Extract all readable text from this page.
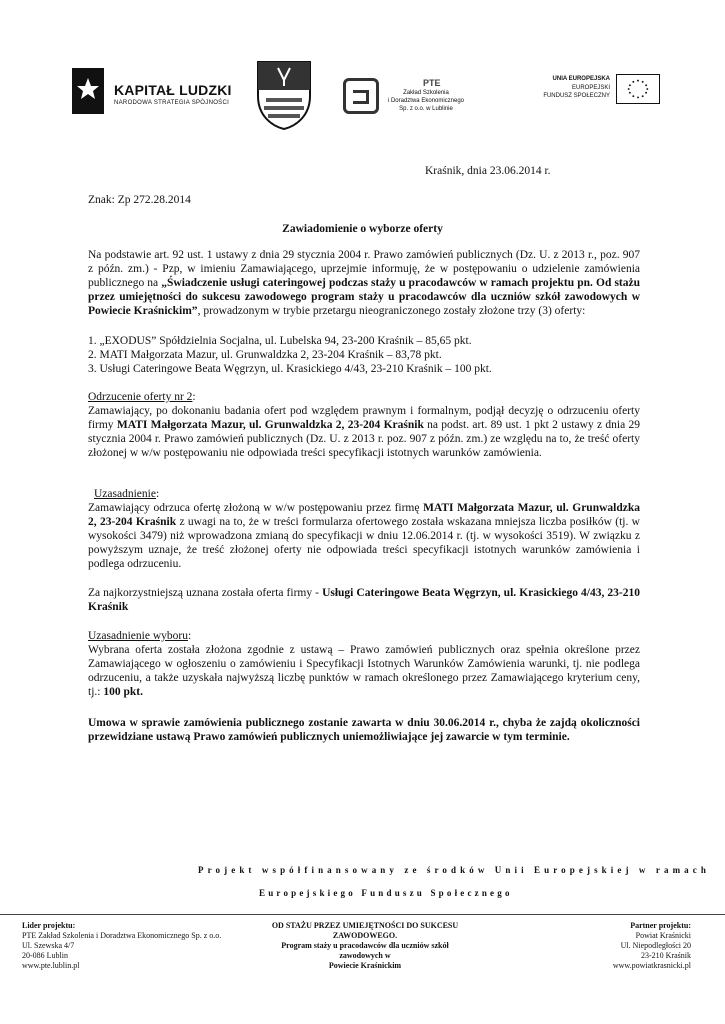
KAPITAŁ LUDZKI
NARODOWA STRATEGIA SPÓJNOŚCI
PTE
Zakład Szkolenia
i Doradztwa Ekonomicznego
Sp. z o.o. w Lublinie
UNIA EUROPEJSKA
EUROPEJSKI
FUNDUSZ SPOŁECZNY
Kraśnik, dnia 23.06.2014 r.
Znak: Zp 272.28.2014
Zawiadomienie o wyborze oferty
Na podstawie art. 92 ust. 1 ustawy z dnia 29 stycznia 2004 r. Prawo zamówień publicznych (Dz. U. z 2013 r., poz. 907 z późn. zm.) - Pzp, w imieniu Zamawiającego, uprzejmie informuję, że w postępowaniu o udzielenie zamówienia publicznego na „Świadczenie usługi cateringowej podczas staży u pracodawców w ramach projektu pn. Od stażu przez umiejętności do sukcesu zawodowego program staży u pracodawców dla uczniów szkół zawodowych w Powiecie Kraśnickim”, prowadzonym w trybie przetargu nieograniczonego zostały złożone trzy (3) oferty:
1. „EXODUS” Spółdzielnia Socjalna, ul. Lubelska 94, 23-200 Kraśnik – 85,65 pkt.
2. MATI Małgorzata Mazur, ul. Grunwaldzka 2, 23-204 Kraśnik – 83,78 pkt.
3. Usługi Cateringowe Beata Węgrzyn, ul. Krasickiego 4/43, 23-210 Kraśnik – 100 pkt.
Odrzucenie oferty nr 2:
Zamawiający, po dokonaniu badania ofert pod względem prawnym i formalnym, podjął decyzję o odrzuceniu oferty firmy MATI Małgorzata Mazur, ul. Grunwaldzka 2, 23-204 Kraśnik na podst. art. 89 ust. 1 pkt 2 ustawy z dnia 29 stycznia 2004 r. Prawo zamówień publicznych (Dz. U. z 2013 r. poz. 907 z późn. zm.) ze względu na to, że treść oferty złożonej w w/w postępowaniu nie odpowiada treści specyfikacji istotnych warunków zamówienia.
Uzasadnienie:
Zamawiający odrzuca ofertę złożoną w w/w postępowaniu przez firmę MATI Małgorzata Mazur, ul. Grunwaldzka 2, 23-204 Kraśnik z uwagi na to, że w treści formularza ofertowego została wskazana mniejsza liczba posiłków (tj. w wysokości 3479) niż wprowadzona zmianą do specyfikacji w dniu 12.06.2014 r. (tj. w wysokości 3519). W związku z powyższym uznaje, że treść złożonej oferty nie odpowiada treści specyfikacji istotnych warunków zamówienia i podlega odrzuceniu.
Za najkorzystniejszą uznana została oferta firmy - Usługi Cateringowe Beata Węgrzyn, ul. Krasickiego 4/43, 23-210 Kraśnik
Uzasadnienie wyboru:
Wybrana oferta została złożona zgodnie z ustawą – Prawo zamówień publicznych oraz spełnia określone przez Zamawiającego w ogłoszeniu o zamówieniu i Specyfikacji Istotnych Warunków Zamówienia warunki, tj. nie podlega odrzuceniu, a także uzyskała najwyższą liczbę punktów w ramach określonego przez Zamawiającego kryterium ceny, tj.: 100 pkt.
Umowa w sprawie zamówienia publicznego zostanie zawarta w dniu 30.06.2014 r., chyba że zajdą okoliczności przewidziane ustawą Prawo zamówień publicznych uniemożliwiające jej zawarcie w tym terminie.
Projekt współfinansowany ze środków Unii Europejskiej w ramach
Europejskiego Funduszu Społecznego
Lider projektu:
PTE Zakład Szkolenia i Doradztwa Ekonomicznego Sp. z o.o.
Ul. Szewska 4/7
20-086 Lublin
www.pte.lublin.pl
OD STAŻU PRZEZ UMIEJĘTNOŚCI DO SUKCESU
ZAWODOWEGO.
Program staży u pracodawców dla uczniów szkół zawodowych w
Powiecie Kraśnickim
Partner projektu:
Powiat Kraśnicki
Ul. Niepodległości 20
23-210 Kraśnik
www.powiatkrasnicki.pl
